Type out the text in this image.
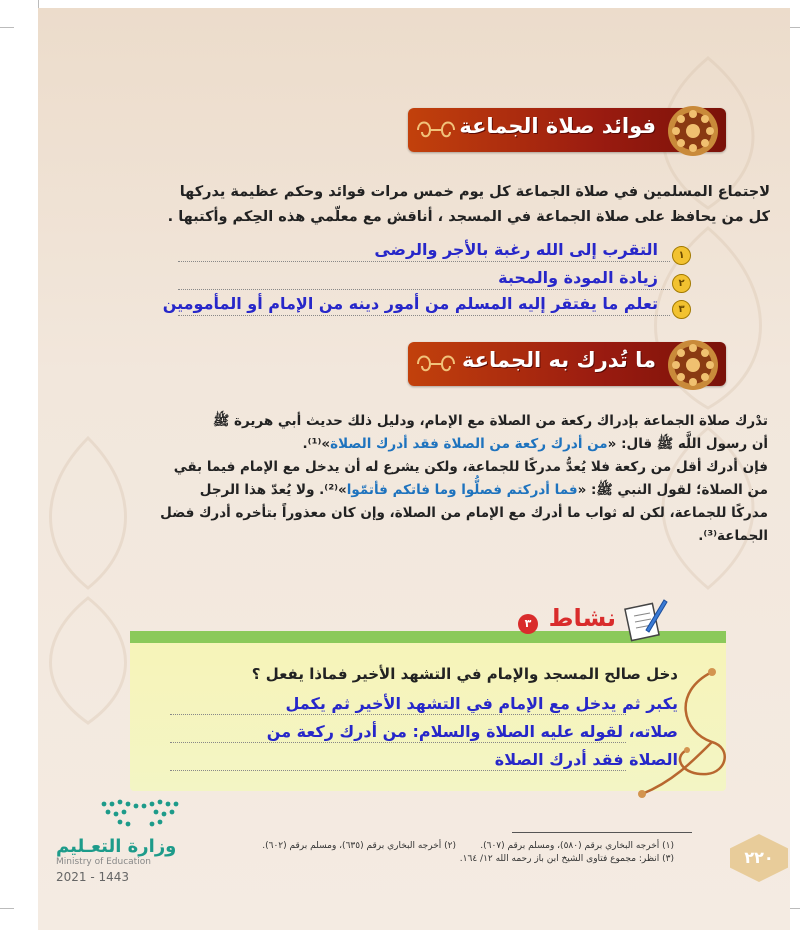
فوائد صلاة الجماعة
لاجتماع المسلمين في صلاة الجماعة كل يوم خمس مرات فوائد وحكم عظيمة يدركها
كل من يحافظ على صلاة الجماعة في المسجد ، أناقش مع معلّمي هذه الحِكم وأكتبها .
١
التقرب إلى الله رغبة بالأجر والرضى
٢
زيادة المودة والمحبة
٣
تعلم ما يفتقر إليه المسلم من أمور دينه من الإمام أو المأمومين
ما تُدرك به الجماعة
تدْرك صلاة الجماعة بإدراك ركعة من الصلاة مع الإمام، ودليل ذلك حديث أبي هريرة ﷺ
أن رسول اللَّه ﷺ قال: «من أدرك ركعة من الصلاة فقد أدرك الصلاة»⁽¹⁾.
فإن أدرك أقل من ركعة فلا يُعدُّ مدركًا للجماعة، ولكن يشرع له أن يدخل مع الإمام فيما بقي
من الصلاة؛ لقول النبي ﷺ: «فما أدركتم فصلُّوا وما فاتكم فأتمّوا»⁽²⁾. ولا يُعدّ هذا الرجل
مدركًا للجماعة، لكن له ثواب ما أدرك مع الإمام من الصلاة، وإن كان معذوراً بتأخره أدرك فضل
الجماعة⁽³⁾.
نشاط
٣
دخل صالح المسجد والإمام في التشهد الأخير فماذا يفعل ؟
يكبر ثم يدخل مع الإمام في التشهد الأخير ثم يكمل
صلاته، لقوله عليه الصلاة والسلام: من أدرك ركعة من
الصلاة فقد أدرك الصلاة
(١) أخرجه البخاري برقم (٥٨٠)، ومسلم برقم (٦٠٧).
(٣) انظر: مجموع فتاوى الشيخ ابن باز رحمه الله ١٢/ ١٦٤.
(٢) أخرجه البخاري برقم (٦٣٥)، ومسلم برقم (٦٠٢).
٢٢٠
وزارة التعـليم
Ministry of Education
2021 - 1443
